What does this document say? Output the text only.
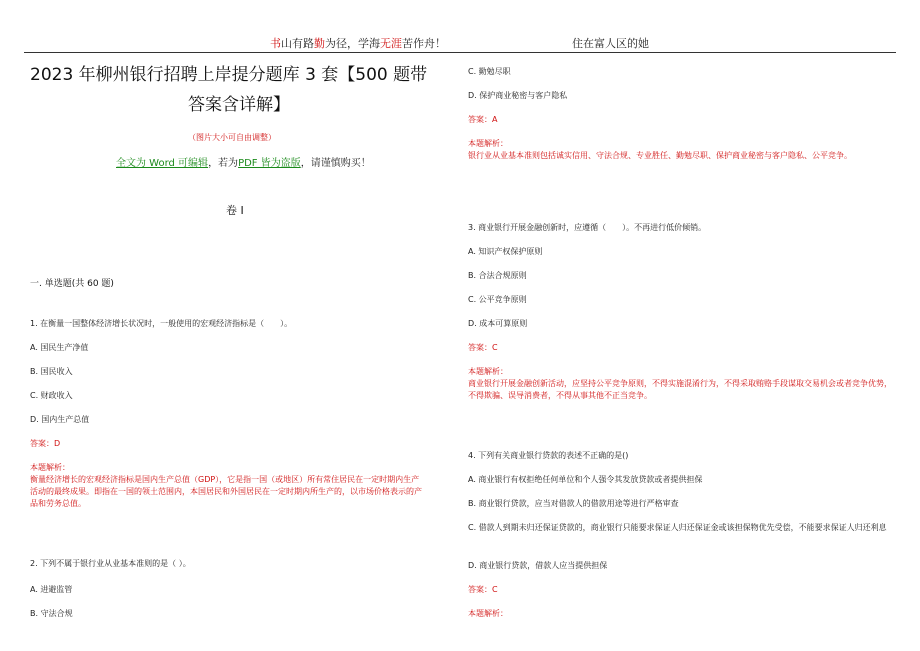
书山有路勤为径，学海无涯苦作舟！	住在富人区的她
2023 年柳州银行招聘上岸提分题库 3 套【500 题带
答案含详解】
（图片大小可自由调整）
全文为 Word 可编辑，若为PDF 皆为盗版，请谨慎购买！
卷 I
一. 单选题(共 60 题)
1. 在衡量一国整体经济增长状况时，一般使用的宏观经济指标是（　　）。
A. 国民生产净值
B. 国民收入
C. 财政收入
D. 国内生产总值
答案：D
本题解析：
衡量经济增长的宏观经济指标是国内生产总值（GDP），它是指一国（或地区）所有常住居民在一定时期内生产活动的最终成果。即指在一国的领土范围内，本国居民和外国居民在一定时期内所生产的，以市场价格表示的产品和劳务总值。
2. 下列不属于银行业从业基本准则的是（ ）。
A. 进避监管
B. 守法合规
C. 勤勉尽职
D. 保护商业秘密与客户隐私
答案：A
本题解析：
银行业从业基本准则包括诚实信用、守法合规、专业胜任、勤勉尽职、保护商业秘密与客户隐私、公平竞争。
3. 商业银行开展金融创新时，应遵循（　　）。不再进行低价倾销。
A. 知识产权保护原则
B. 合法合规原则
C. 公平竞争原则
D. 成本可算原则
答案：C
本题解析：
商业银行开展金融创新活动，应坚持公平竞争原则，不得实施混淆行为，不得采取贿赂手段谋取交易机会或者竞争优势，不得欺骗、误导消费者，不得从事其他不正当竞争。
4. 下列有关商业银行贷款的表述不正确的是()
A. 商业银行有权拒绝任何单位和个人强令其发放贷款或者提供担保
B. 商业银行贷款，应当对借款人的借款用途等进行严格审查
C. 借款人到期未归还保证贷款的，商业银行只能要求保证人归还保证金或该担保物优先受偿，不能要求保证人归还利息
D. 商业银行贷款，借款人应当提供担保
答案：C
本题解析：
